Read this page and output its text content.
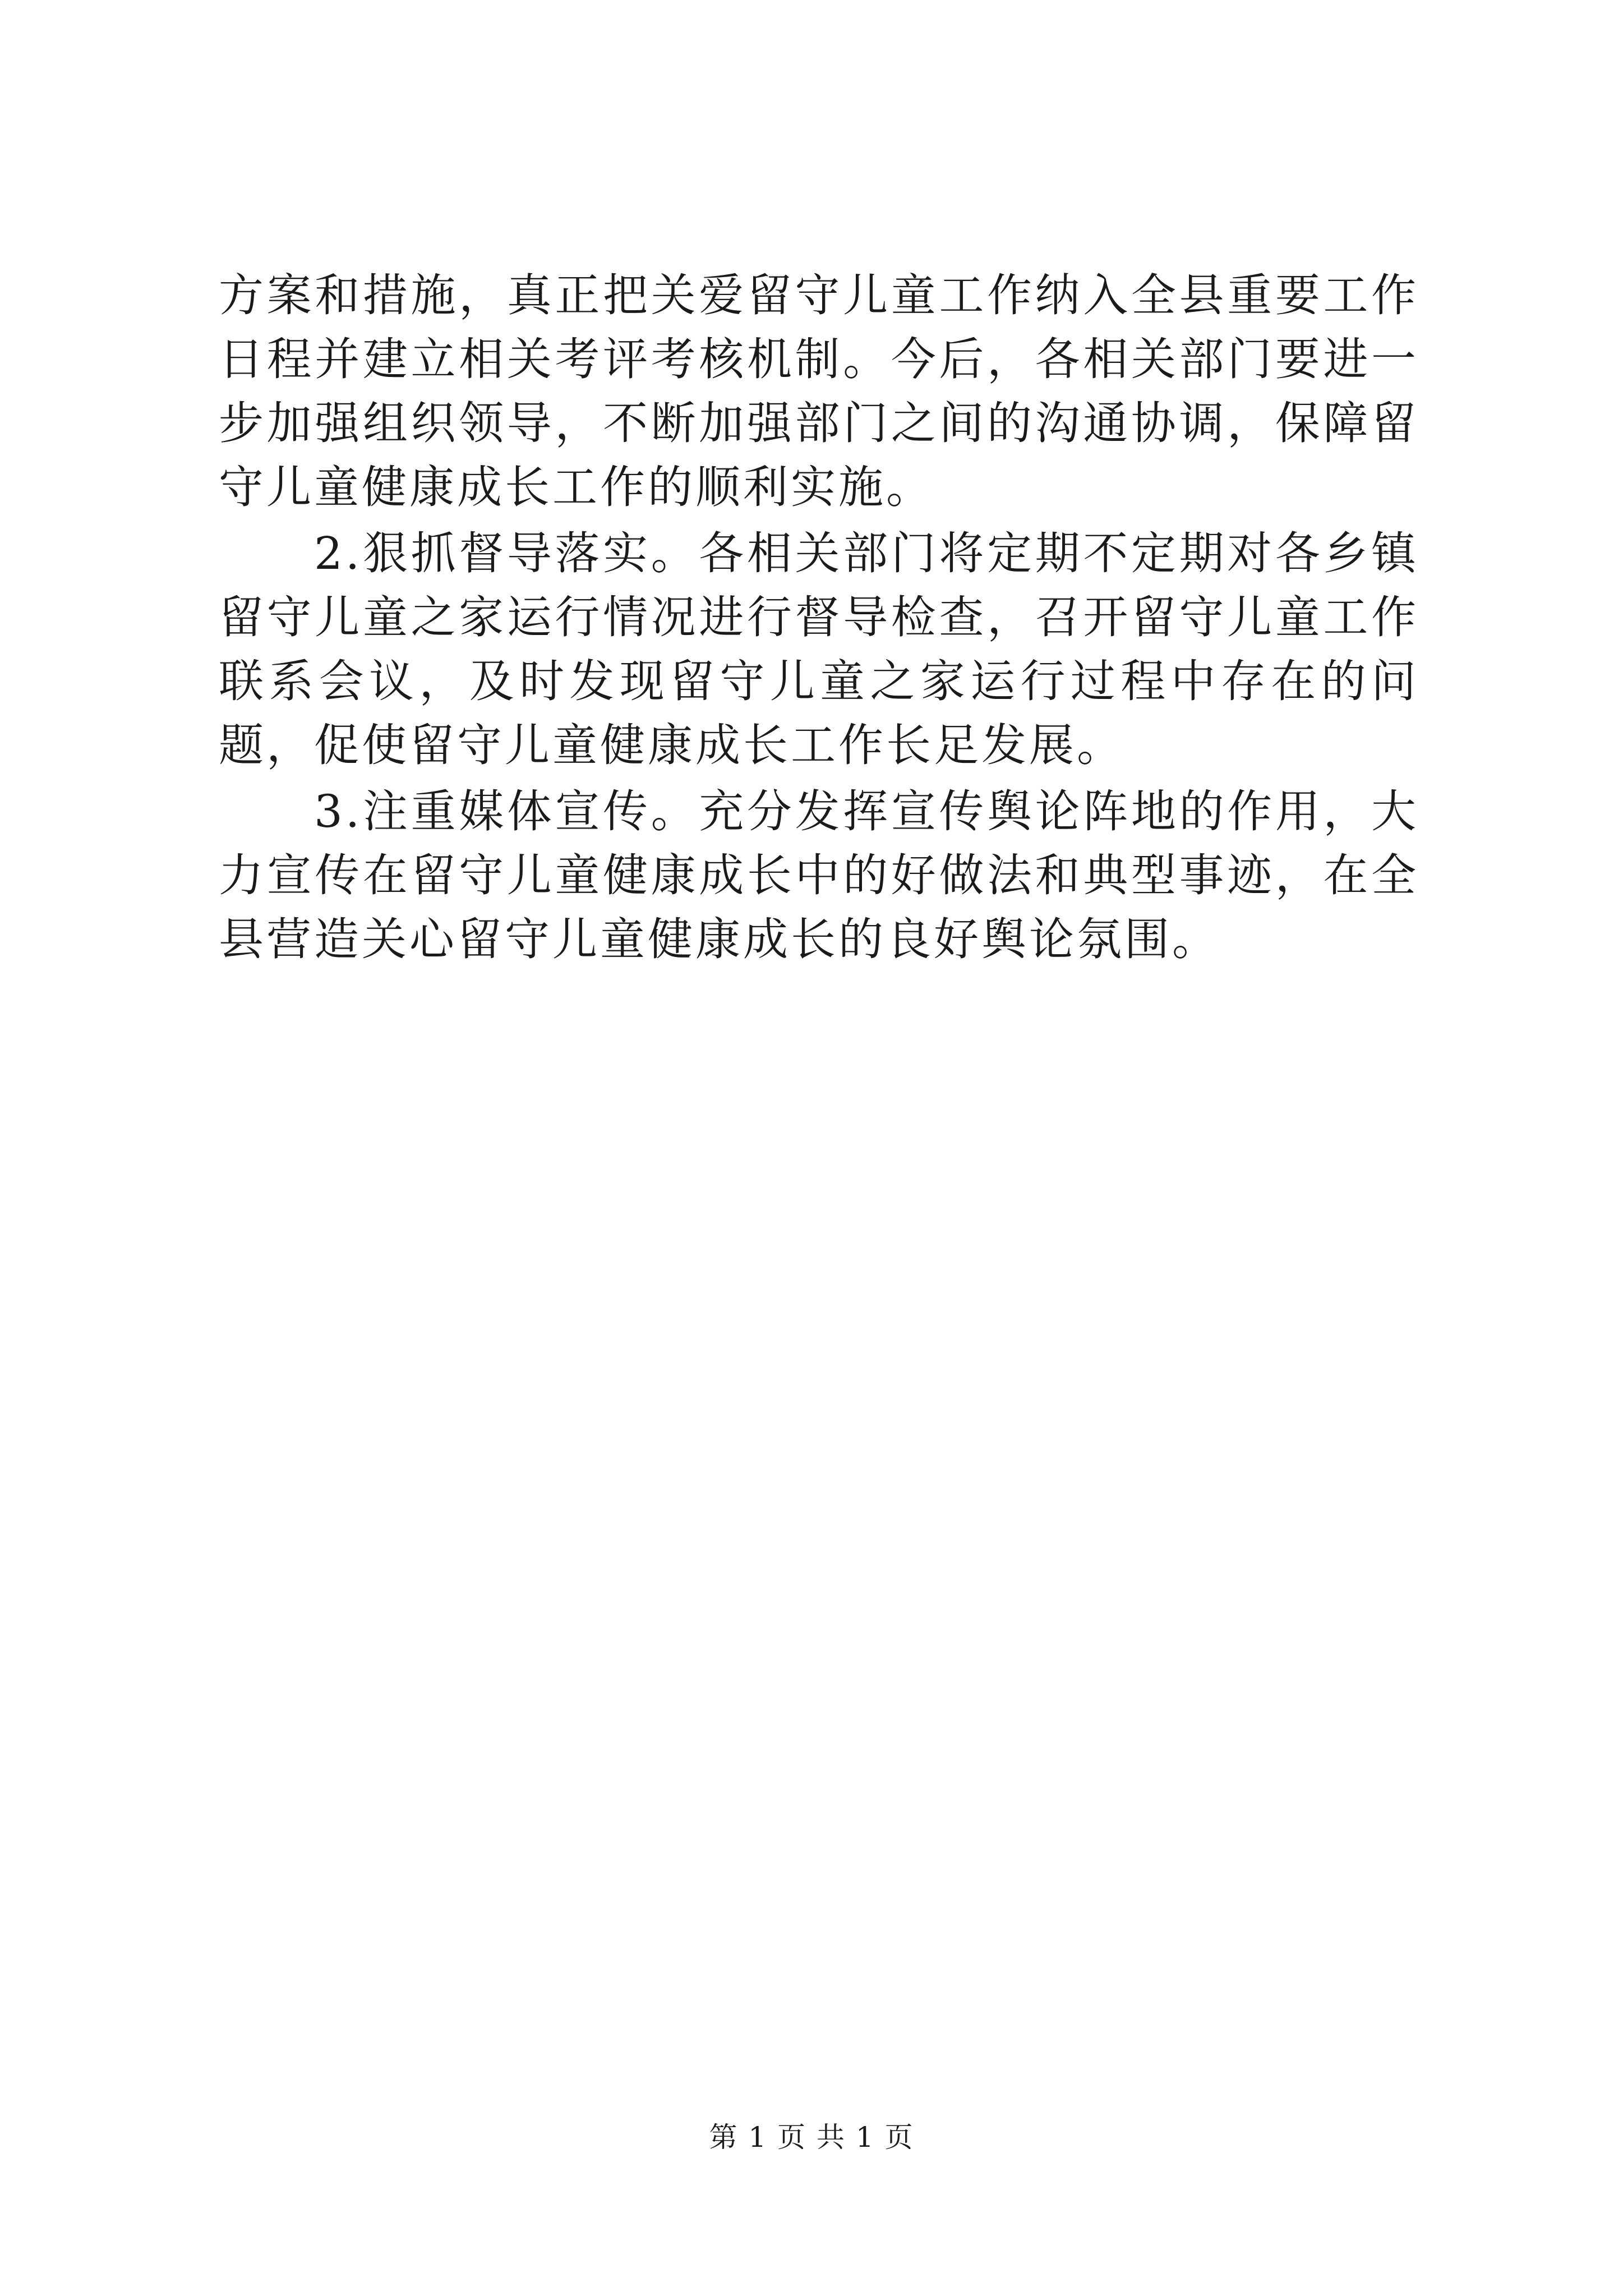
方案和措施，真正把关爱留守儿童工作纳入全县重要工作日程并建立相关考评考核机制。今后，各相关部门要进一步加强组织领导，不断加强部门之间的沟通协调，保障留守儿童健康成长工作的顺利实施。

2.狠抓督导落实。各相关部门将定期不定期对各乡镇留守儿童之家运行情况进行督导检查，召开留守儿童工作联系会议，及时发现留守儿童之家运行过程中存在的问题，促使留守儿童健康成长工作长足发展。

3.注重媒体宣传。充分发挥宣传舆论阵地的作用，大力宣传在留守儿童健康成长中的好做法和典型事迹，在全县营造关心留守儿童健康成长的良好舆论氛围。

第 1 页 共 1 页
